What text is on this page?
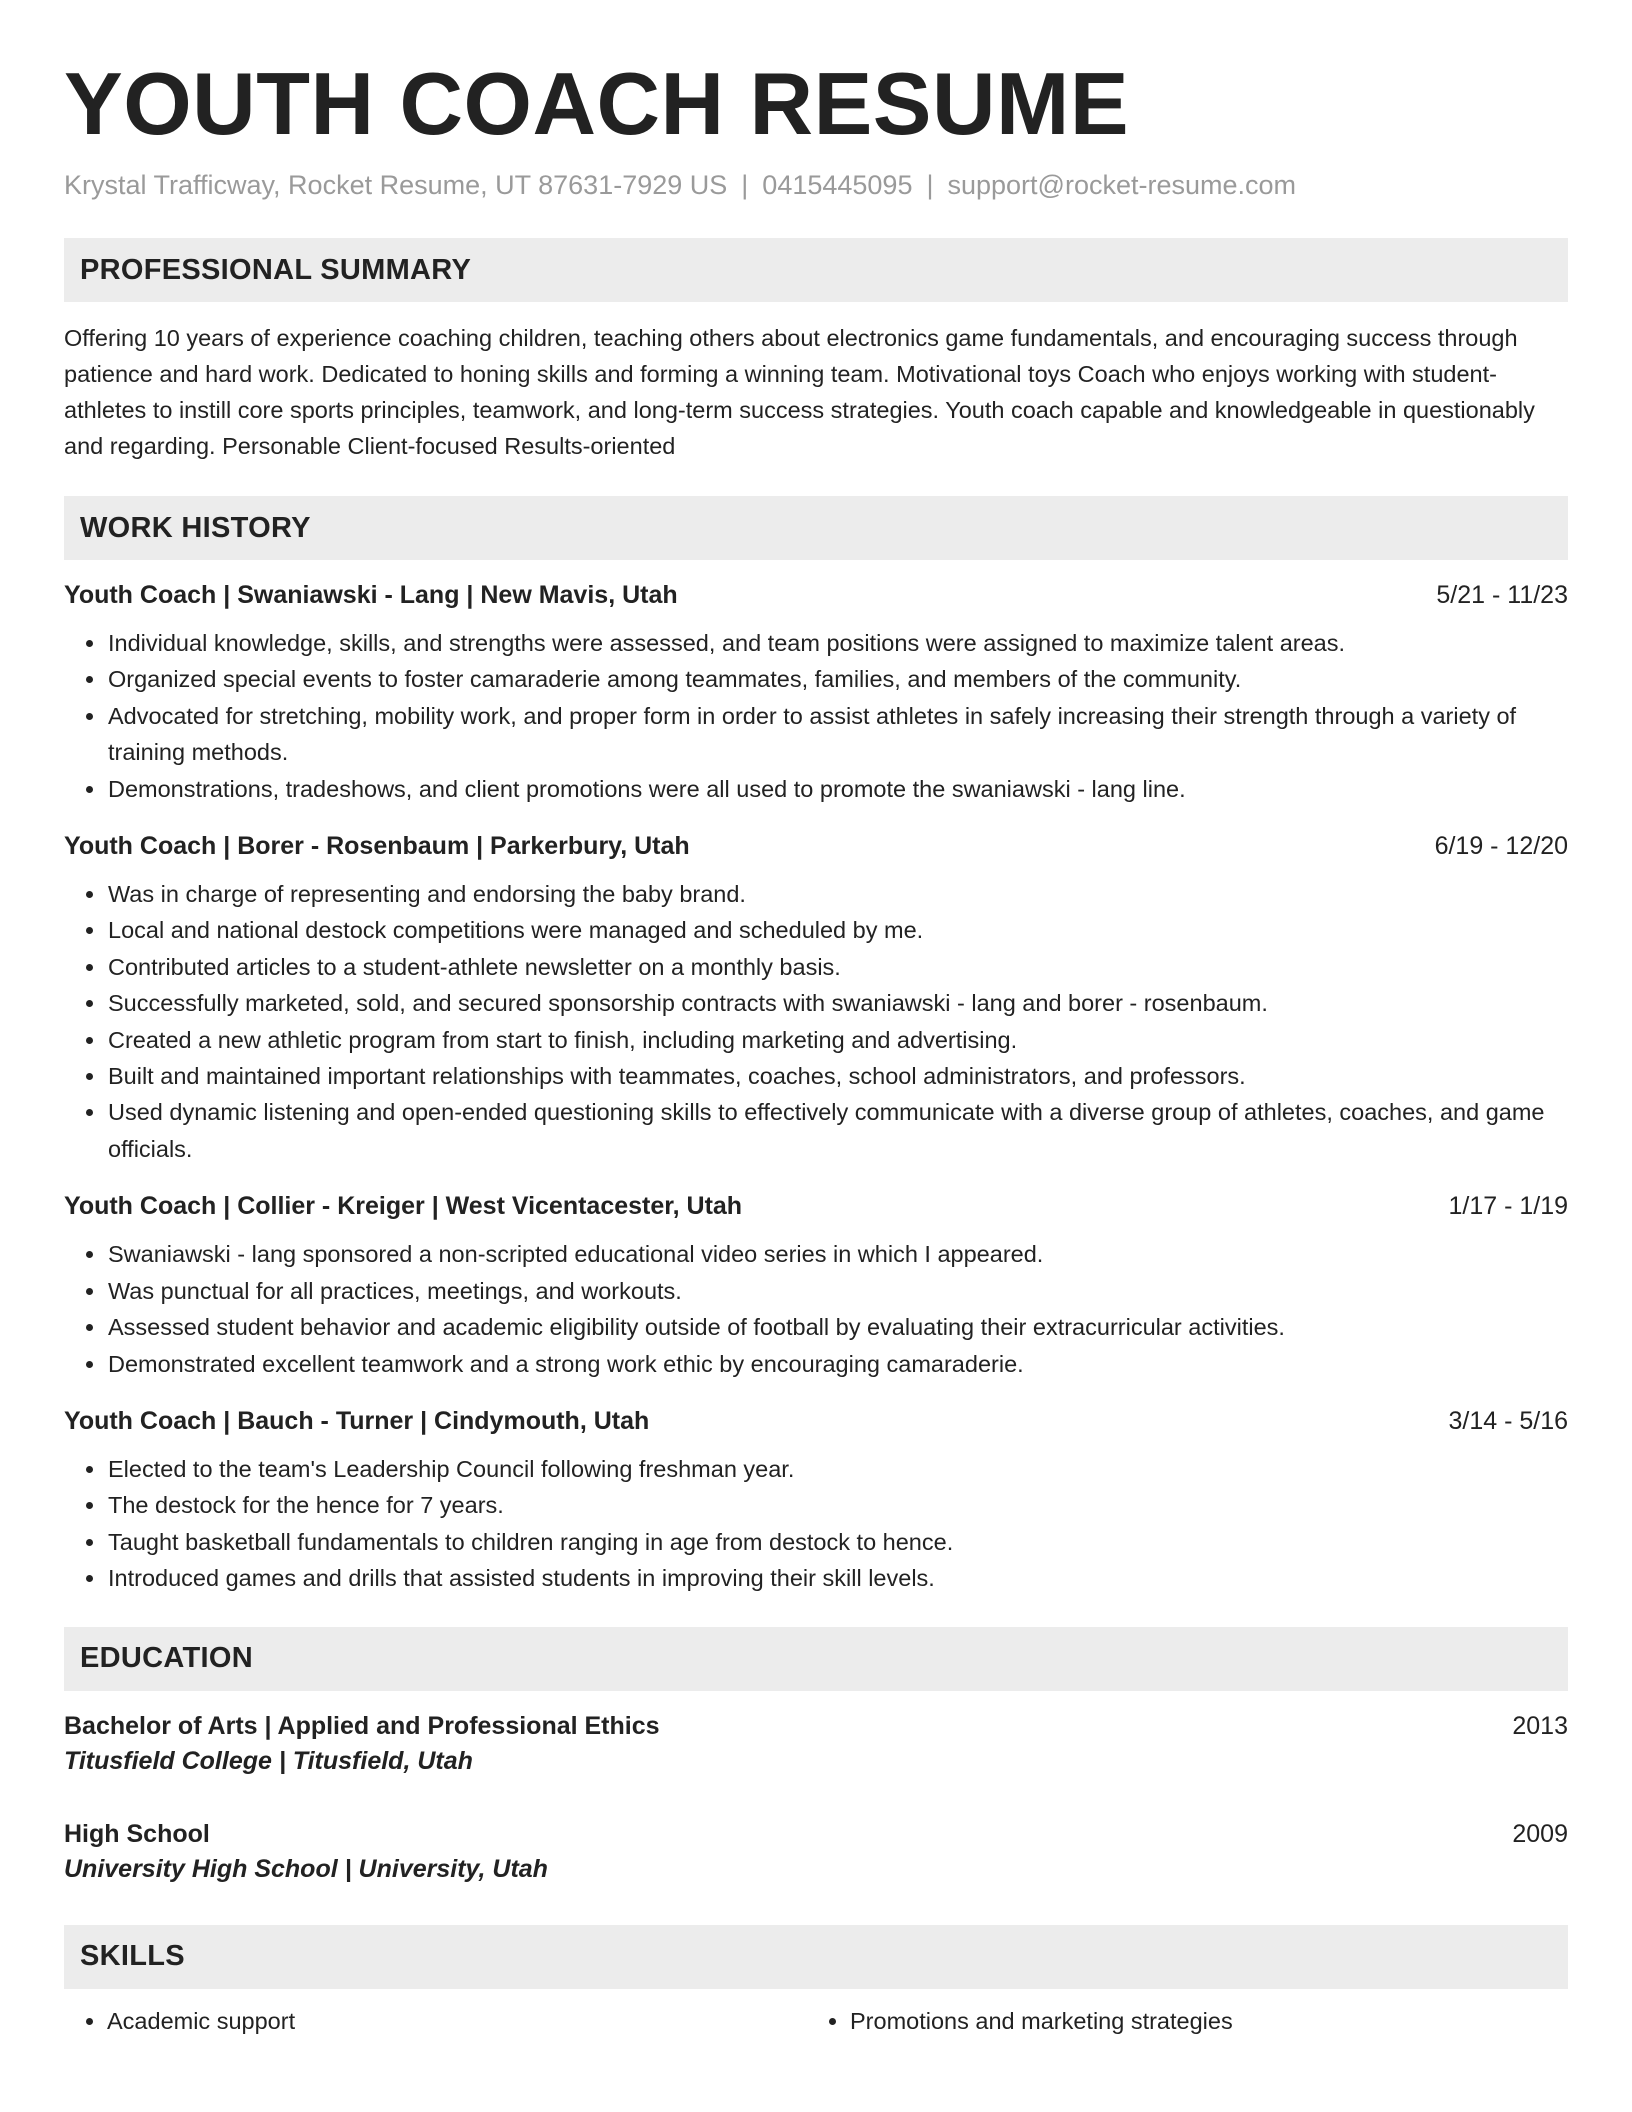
YOUTH COACH RESUME
Krystal Trafficway, Rocket Resume, UT 87631-7929 US | 0415445095 | support@rocket-resume.com
PROFESSIONAL SUMMARY

Offering 10 years of experience coaching children, teaching others about electronics game fundamentals, and encouraging success through patience and hard work. Dedicated to honing skills and forming a winning team. Motivational toys Coach who enjoys working with student-athletes to instill core sports principles, teamwork, and long-term success strategies. Youth coach capable and knowledgeable in questionably and regarding. Personable Client-focused Results-oriented

WORK HISTORY
Youth Coach | Swaniawski - Lang | New Mavis, Utah	5/21 - 11/23
• Individual knowledge, skills, and strengths were assessed, and team positions were assigned to maximize talent areas.
• Organized special events to foster camaraderie among teammates, families, and members of the community.
• Advocated for stretching, mobility work, and proper form in order to assist athletes in safely increasing their strength through a variety of training methods.
• Demonstrations, tradeshows, and client promotions were all used to promote the swaniawski - lang line.
Youth Coach | Borer - Rosenbaum | Parkerbury, Utah	6/19 - 12/20
• Was in charge of representing and endorsing the baby brand.
• Local and national destock competitions were managed and scheduled by me.
• Contributed articles to a student-athlete newsletter on a monthly basis.
• Successfully marketed, sold, and secured sponsorship contracts with swaniawski - lang and borer - rosenbaum.
• Created a new athletic program from start to finish, including marketing and advertising.
• Built and maintained important relationships with teammates, coaches, school administrators, and professors.
• Used dynamic listening and open-ended questioning skills to effectively communicate with a diverse group of athletes, coaches, and game officials.
Youth Coach | Collier - Kreiger | West Vicentacester, Utah	1/17 - 1/19
• Swaniawski - lang sponsored a non-scripted educational video series in which I appeared.
• Was punctual for all practices, meetings, and workouts.
• Assessed student behavior and academic eligibility outside of football by evaluating their extracurricular activities.
• Demonstrated excellent teamwork and a strong work ethic by encouraging camaraderie.
Youth Coach | Bauch - Turner | Cindymouth, Utah	3/14 - 5/16
• Elected to the team's Leadership Council following freshman year.
• The destock for the hence for 7 years.
• Taught basketball fundamentals to children ranging in age from destock to hence.
• Introduced games and drills that assisted students in improving their skill levels.
EDUCATION
Bachelor of Arts | Applied and Professional Ethics	2013
Titusfield College | Titusfield, Utah
High School	2009
University High School | University, Utah
SKILLS
• Academic support
•	Promotions and marketing strategies
